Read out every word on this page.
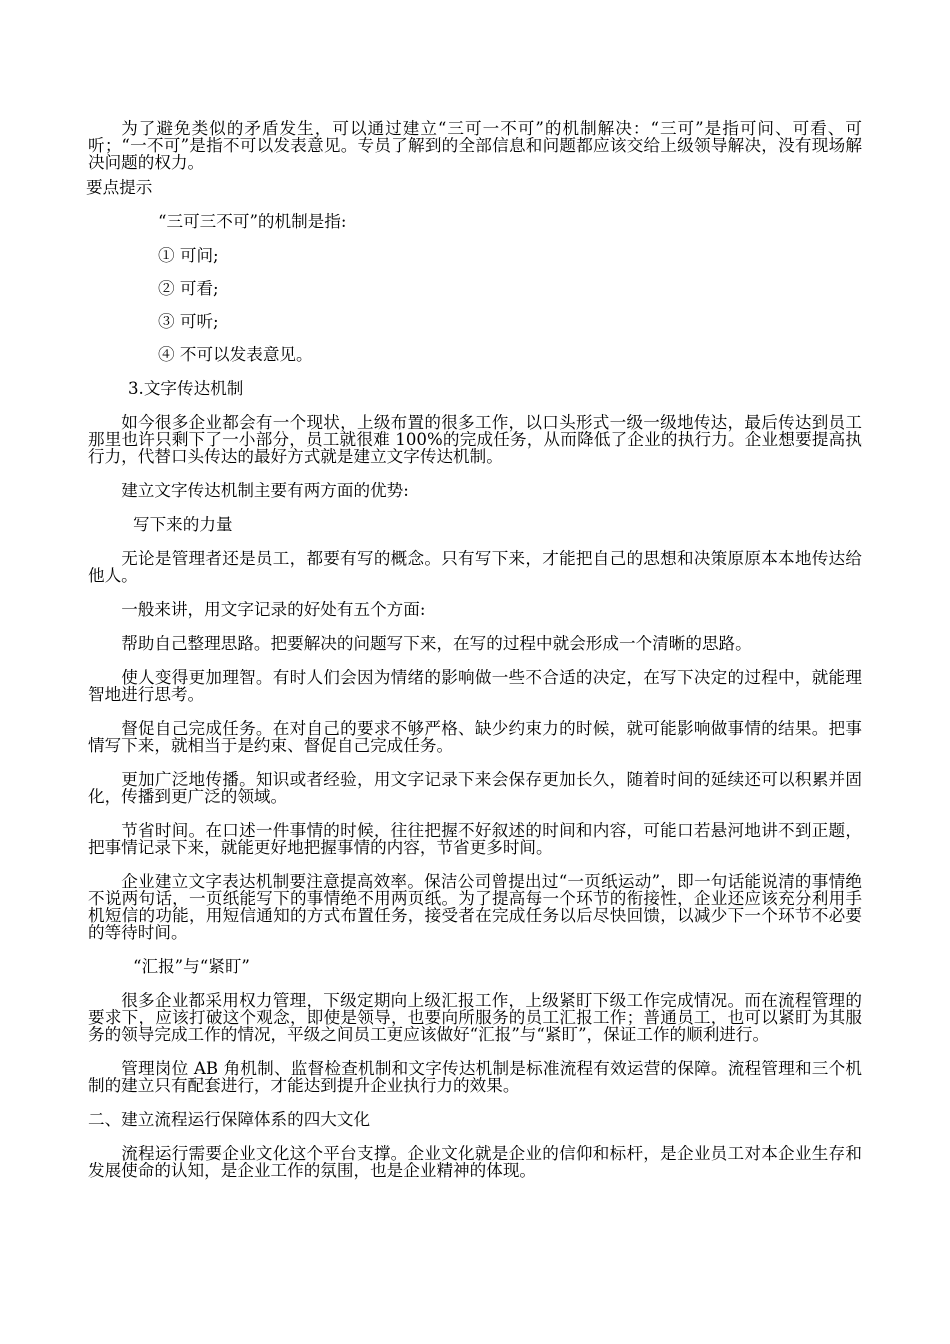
为了避免类似的矛盾发生，可以通过建立“三可一不可”的机制解决：“三可”是指可问、可看、可听；“一不可”是指不可以发表意见。专员了解到的全部信息和问题都应该交给上级领导解决，没有现场解决问题的权力。

要点提示

“三可三不可”的机制是指:

① 可问;

② 可看;

③ 可听;

④ 不可以发表意见。

3.文字传达机制

如今很多企业都会有一个现状，上级布置的很多工作，以口头形式一级一级地传达，最后传达到员工那里也许只剩下了一小部分，员工就很难 100%的完成任务，从而降低了企业的执行力。企业想要提高执行力，代替口头传达的最好方式就是建立文字传达机制。

建立文字传达机制主要有两方面的优势:

写下来的力量

无论是管理者还是员工，都要有写的概念。只有写下来，才能把自己的思想和决策原原本本地传达给他人。

一般来讲，用文字记录的好处有五个方面:

帮助自己整理思路。把要解决的问题写下来，在写的过程中就会形成一个清晰的思路。

使人变得更加理智。有时人们会因为情绪的影响做一些不合适的决定，在写下决定的过程中，就能理智地进行思考。

督促自己完成任务。在对自己的要求不够严格、缺少约束力的时候，就可能影响做事情的结果。把事情写下来，就相当于是约束、督促自己完成任务。

更加广泛地传播。知识或者经验，用文字记录下来会保存更加长久，随着时间的延续还可以积累并固化，传播到更广泛的领域。

节省时间。在口述一件事情的时候，往往把握不好叙述的时间和内容，可能口若悬河地讲不到正题，把事情记录下来，就能更好地把握事情的内容，节省更多时间。

企业建立文字表达机制要注意提高效率。保洁公司曾提出过“一页纸运动”，即一句话能说清的事情绝不说两句话，一页纸能写下的事情绝不用两页纸。为了提高每一个环节的衔接性，企业还应该充分利用手机短信的功能，用短信通知的方式布置任务，接受者在完成任务以后尽快回馈，以减少下一个环节不必要的等待时间。

“汇报”与“紧盯”

很多企业都采用权力管理，下级定期向上级汇报工作，上级紧盯下级工作完成情况。而在流程管理的要求下，应该打破这个观念，即使是领导，也要向所服务的员工汇报工作；普通员工，也可以紧盯为其服务的领导完成工作的情况，平级之间员工更应该做好“汇报”与“紧盯”，保证工作的顺利进行。

管理岗位 AB 角机制、监督检查机制和文字传达机制是标准流程有效运营的保障。流程管理和三个机制的建立只有配套进行，才能达到提升企业执行力的效果。

二、建立流程运行保障体系的四大文化

流程运行需要企业文化这个平台支撑。企业文化就是企业的信仰和标杆，是企业员工对本企业生存和发展使命的认知，是企业工作的氛围，也是企业精神的体现。
